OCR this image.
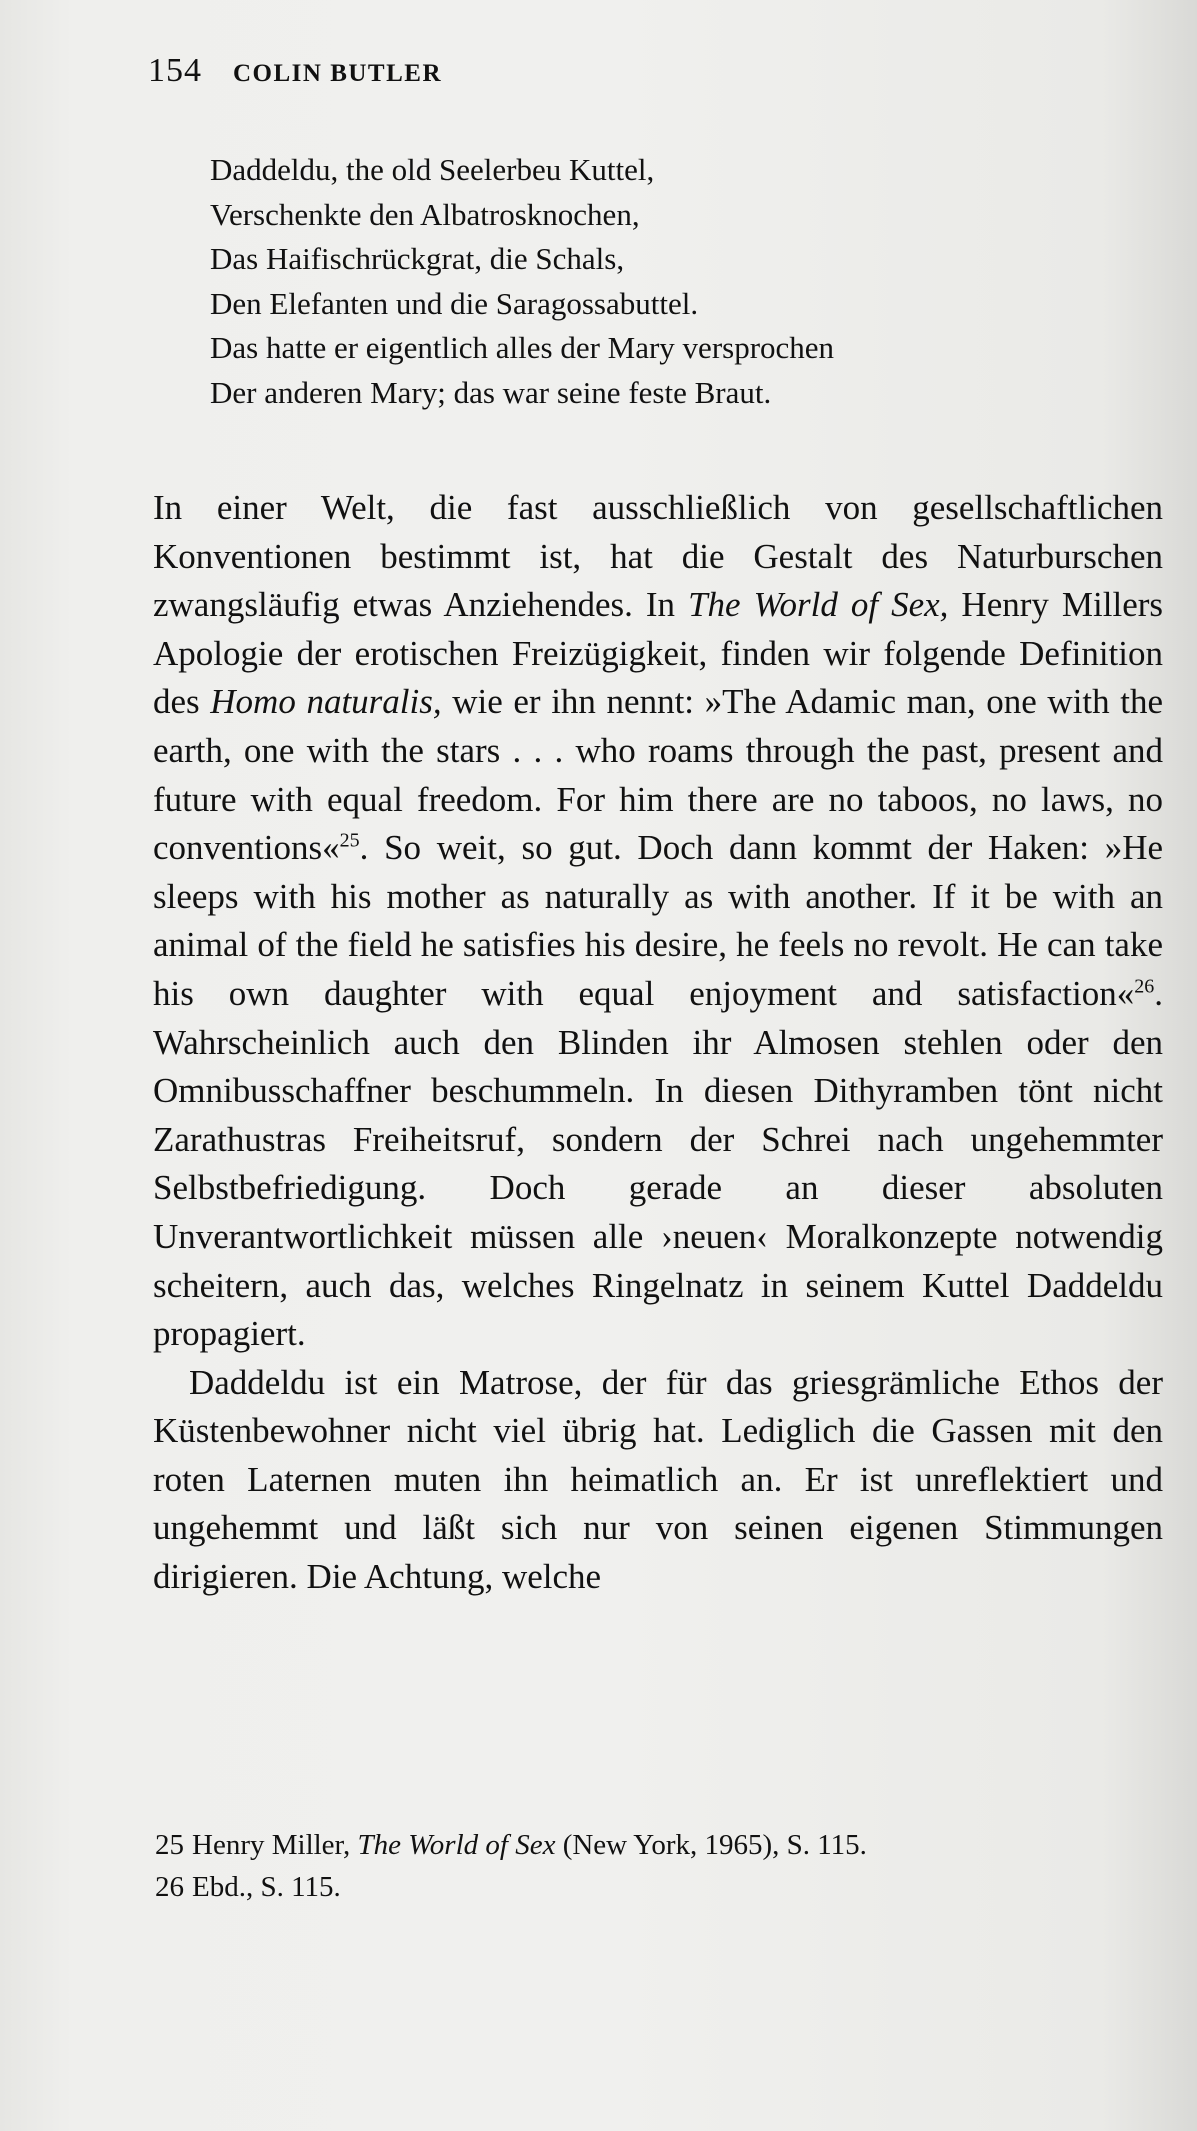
154 COLIN BUTLER
Daddeldu, the old Seelerbeu Kuttel,
Verschenkte den Albatrosknochen,
Das Haifischrückgrat, die Schals,
Den Elefanten und die Saragossabuttel.
Das hatte er eigentlich alles der Mary versprochen
Der anderen Mary; das war seine feste Braut.

In einer Welt, die fast ausschließlich von gesellschaftlichen Konventionen bestimmt ist, hat die Gestalt des Naturburschen zwangsläufig etwas Anziehendes. In The World of Sex, Henry Millers Apologie der erotischen Freizügigkeit, finden wir folgende Definition des Homo naturalis, wie er ihn nennt: »The Adamic man, one with the earth, one with the stars . . . who roams through the past, present and future with equal freedom. For him there are no taboos, no laws, no conventions«$^{25}$. So weit, so gut. Doch dann kommt der Haken: »He sleeps with his mother as naturally as with another. If it be with an animal of the field he satisfies his desire, he feels no revolt. He can take his own daughter with equal enjoyment and satisfaction«$^{26}$. Wahrscheinlich auch den Blinden ihr Almosen stehlen oder den Omnibusschaffner beschummeln. In diesen Dithyramben tönt nicht Zarathustras Freiheitsruf, sondern der Schrei nach ungehemmter Selbstbefriedigung. Doch gerade an dieser absoluten Unverantwortlichkeit müssen alle ›neuen‹ Moralkonzepte notwendig scheitern, auch das, welches Ringelnatz in seinem Kuttel Daddeldu propagiert.

Daddeldu ist ein Matrose, der für das griesgrämliche Ethos der Küstenbewohner nicht viel übrig hat. Lediglich die Gassen mit den roten Laternen muten ihn heimatlich an. Er ist unreflektiert und ungehemmt und läßt sich nur von seinen eigenen Stimmungen dirigieren. Die Achtung, welche

25 Henry Miller, The World of Sex (New York, 1965), S. 115.
26 Ebd., S. 115.
